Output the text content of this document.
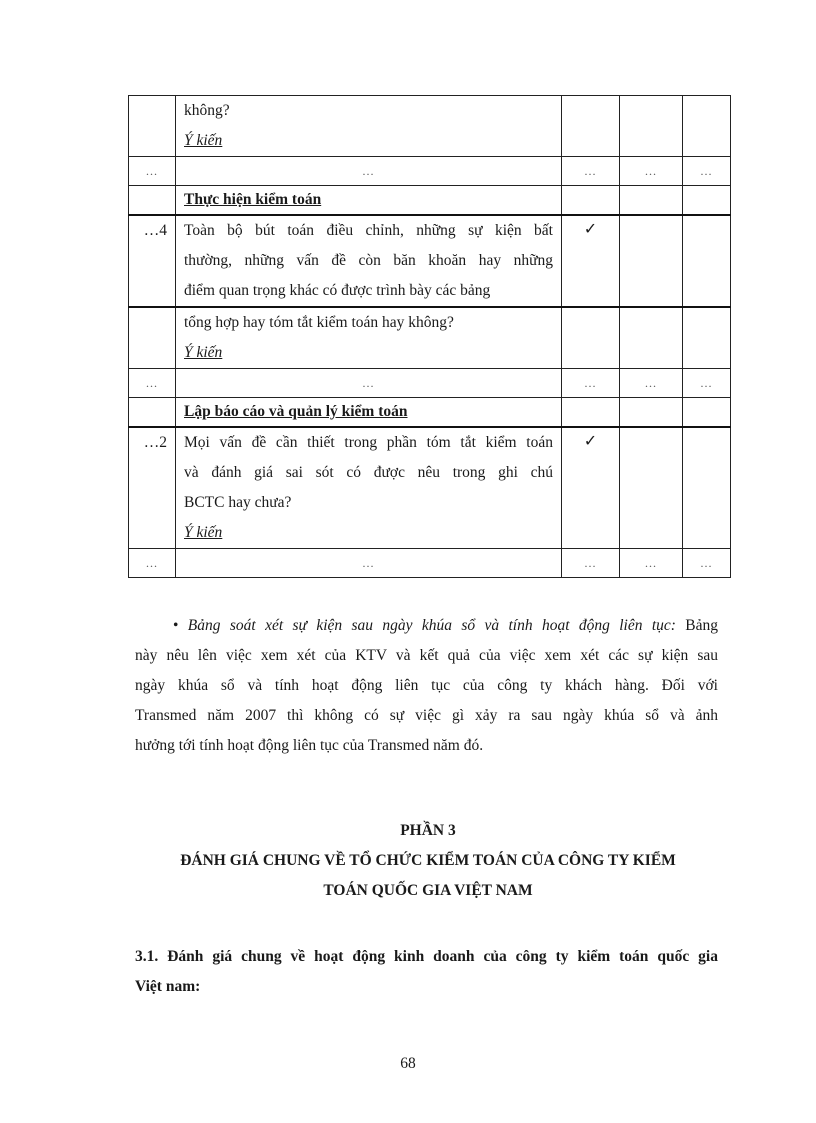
	không?
Ý kiến			

…	…	…	…	…

	Thực hiện kiểm toán			

…4	Toàn bộ bút toán điều chỉnh, những sự kiện bất
thường, những vấn đề còn băn khoăn hay những
điểm quan trọng khác có được trình bày các bảng	✓		

	tổng hợp hay tóm tắt kiểm toán hay không?
Ý kiến			

…	…	…	…	…

	Lập báo cáo và quản lý kiểm toán			

…2	Mọi vấn đề cần thiết trong phần tóm tắt kiểm toán
và đánh giá sai sót có được nêu trong ghi chú
BCTC hay chưa?
Ý kiến	✓		
…	…	…	…	…
• Bảng soát xét sự kiện sau ngày khúa sổ và tính hoạt động liên tục: Bảng
này nêu lên việc xem xét của KTV và kết quả của việc xem xét các sự kiện sau
ngày khúa sổ và tính hoạt động liên tục của công ty khách hàng. Đối với
Transmed năm 2007 thì không có sự việc gì xảy ra sau ngày khúa sổ và ảnh
hưởng tới tính hoạt động liên tục của Transmed năm đó.
PHẦN 3
ĐÁNH GIÁ CHUNG VỀ TỔ CHỨC KIỂM TOÁN CỦA CÔNG TY KIỂM
TOÁN QUỐC GIA VIỆT NAM
3.1. Đánh giá chung về hoạt động kinh doanh của công ty kiểm toán quốc gia
Việt nam:
68
